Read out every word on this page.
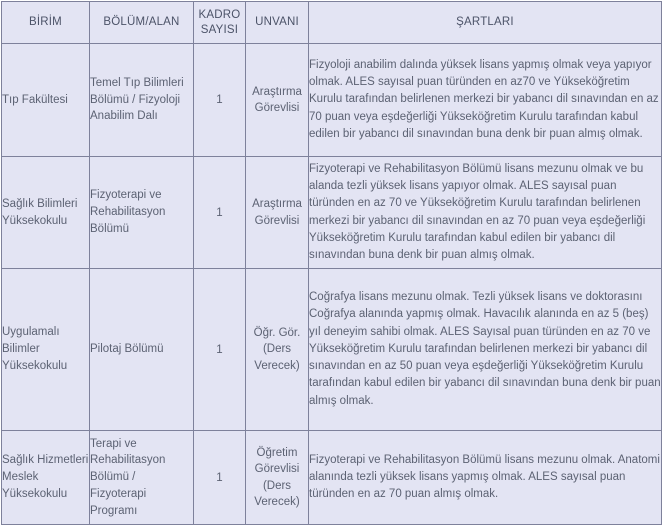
BİRİM	BÖLÜM/ALAN	KADRO SAYISI	UNVANI	ŞARTLARI
Tıp Fakültesi	Temel Tıp Bilimleri Bölümü / Fizyoloji Anabilim Dalı	1	Araştırma Görevlisi	Fizyoloji anabilim dalında yüksek lisans yapmış olmak veya yapıyor olmak. ALES sayısal puan türünden en az70 ve Yükseköğretim Kurulu tarafından belirlenen merkezi bir yabancı dil sınavından en az 70 puan veya eşdeğerliği Yükseköğretim Kurulu tarafından kabul edilen bir yabancı dil sınavından buna denk bir puan almış olmak.
Sağlık Bilimleri Yüksekokulu	Fizyoterapi ve Rehabilitasyon Bölümü	1	Araştırma Görevlisi	Fizyoterapi ve Rehabilitasyon Bölümü lisans mezunu olmak ve bu alanda tezli yüksek lisans yapıyor olmak. ALES sayısal puan türünden en az 70 ve Yükseköğretim Kurulu tarafından belirlenen merkezi bir yabancı dil sınavından en az 70 puan veya eşdeğerliği Yükseköğretim Kurulu tarafından kabul edilen bir yabancı dil sınavından buna denk bir puan almış olmak.
Uygulamalı Bilimler Yüksekokulu	Pilotaj Bölümü	1	Öğr. Gör. (Ders Verecek)	Coğrafya lisans mezunu olmak. Tezli yüksek lisans ve doktorasını Coğrafya alanında yapmış olmak. Havacılık alanında en az 5 (beş) yıl deneyim sahibi olmak. ALES Sayısal puan türünden en az 70 ve Yükseköğretim Kurulu tarafından belirlenen merkezi bir yabancı dil sınavından en az 50 puan veya eşdeğerliği Yükseköğretim Kurulu tarafından kabul edilen bir yabancı dil sınavından buna denk bir puan almış olmak.
Sağlık Hizmetleri Meslek Yüksekokulu	Terapi ve Rehabilitasyon Bölümü / Fizyoterapi Programı	1	Öğretim Görevlisi (Ders Verecek)	Fizyoterapi ve Rehabilitasyon Bölümü lisans mezunu olmak. Anatomi alanında tezli yüksek lisans yapmış olmak. ALES sayısal puan türünden en az 70 puan almış olmak.
